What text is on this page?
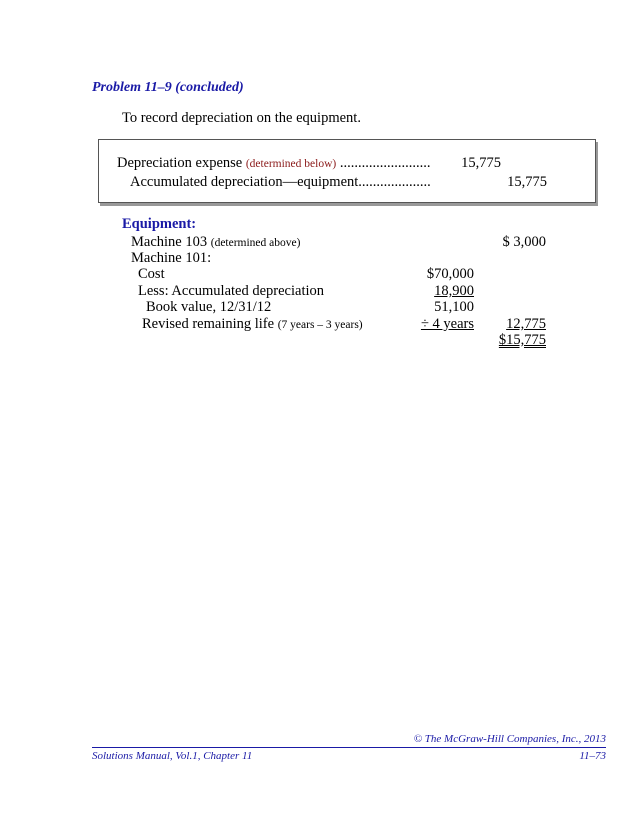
Problem 11–9 (concluded)
To record depreciation on the equipment.
Depreciation expense (determined below) .........................	15,775
Accumulated depreciation—equipment....................	15,775
Equipment:
Machine 103 (determined above)	$ 3,000
Machine 101:
Cost	$70,000
Less: Accumulated depreciation	18,900
Book value, 12/31/12	51,100
Revised remaining life (7 years – 3 years)	÷ 4 years	12,775
$15,775
© The McGraw-Hill Companies, Inc., 2013
Solutions Manual, Vol.1, Chapter 11	11–73
